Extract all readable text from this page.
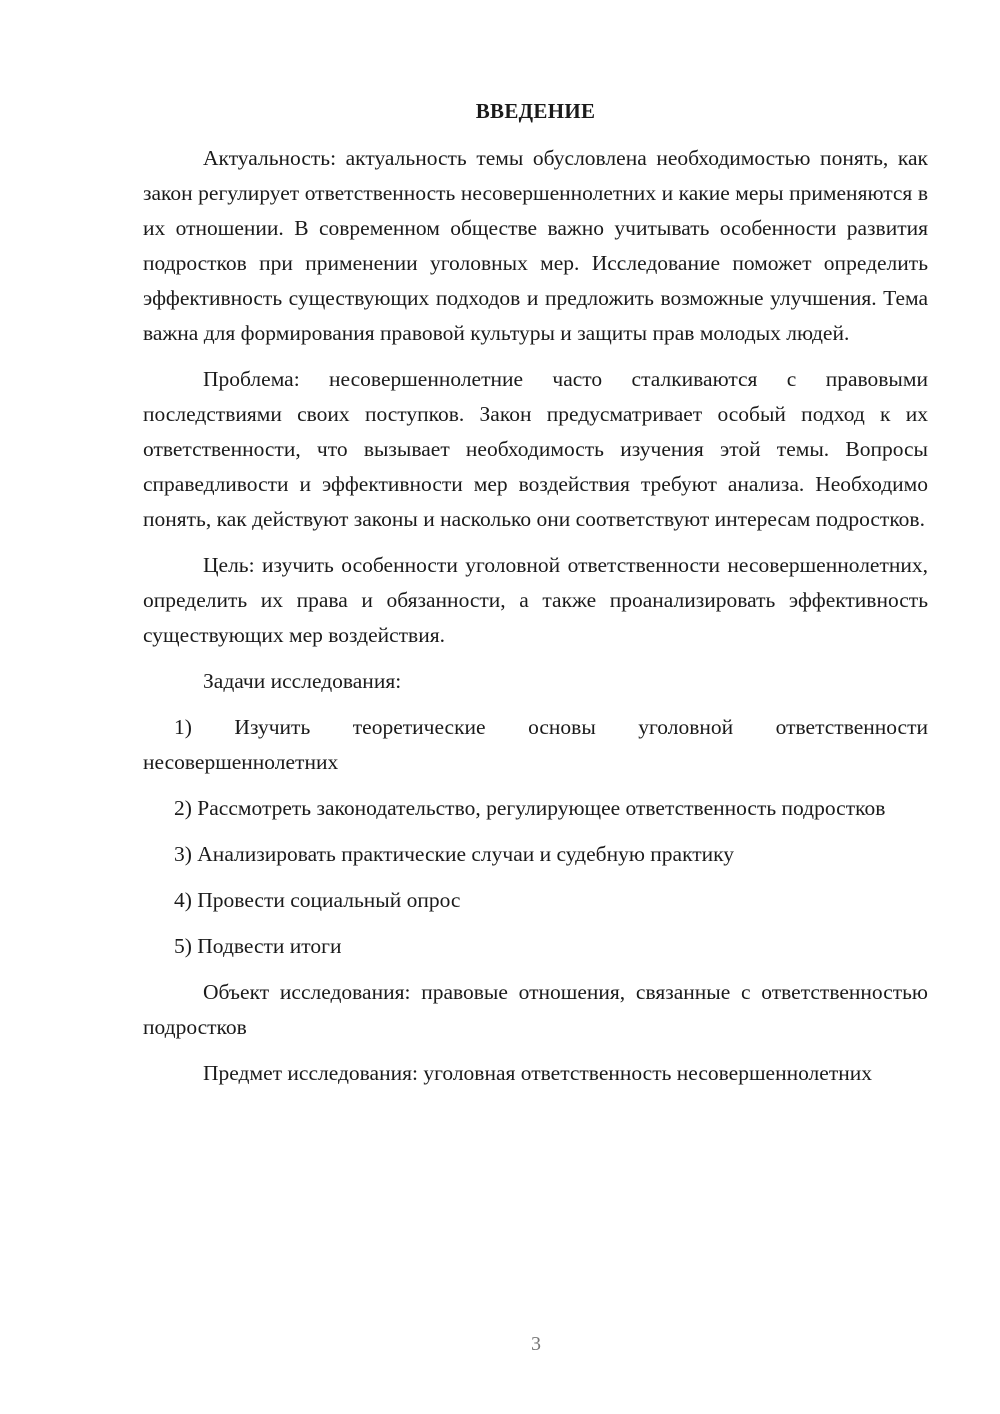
ВВЕДЕНИЕ

Актуальность: актуальность темы обусловлена необходимостью понять, как закон регулирует ответственность несовершеннолетних и какие меры применяются в их отношении. В современном обществе важно учитывать особенности развития подростков при применении уголовных мер. Исследование поможет определить эффективность существующих подходов и предложить возможные улучшения. Тема важна для формирования правовой культуры и защиты прав молодых людей.

Проблема: несовершеннолетние часто сталкиваются с правовыми последствиями своих поступков. Закон предусматривает особый подход к их ответственности, что вызывает необходимость изучения этой темы. Вопросы справедливости и эффективности мер воздействия требуют анализа. Необходимо понять, как действуют законы и насколько они соответствуют интересам подростков.

Цель: изучить особенности уголовной ответственности несовершеннолетних, определить их права и обязанности, а также проанализировать эффективность существующих мер воздействия.

Задачи исследования:

1) Изучить теоретические основы уголовной ответственности несовершеннолетних

2) Рассмотреть законодательство, регулирующее ответственность подростков

3) Анализировать практические случаи и судебную практику

4) Провести социальный опрос

5) Подвести итоги

Объект исследования: правовые отношения, связанные с ответственностью подростков

Предмет исследования: уголовная ответственность несовершеннолетних

3
